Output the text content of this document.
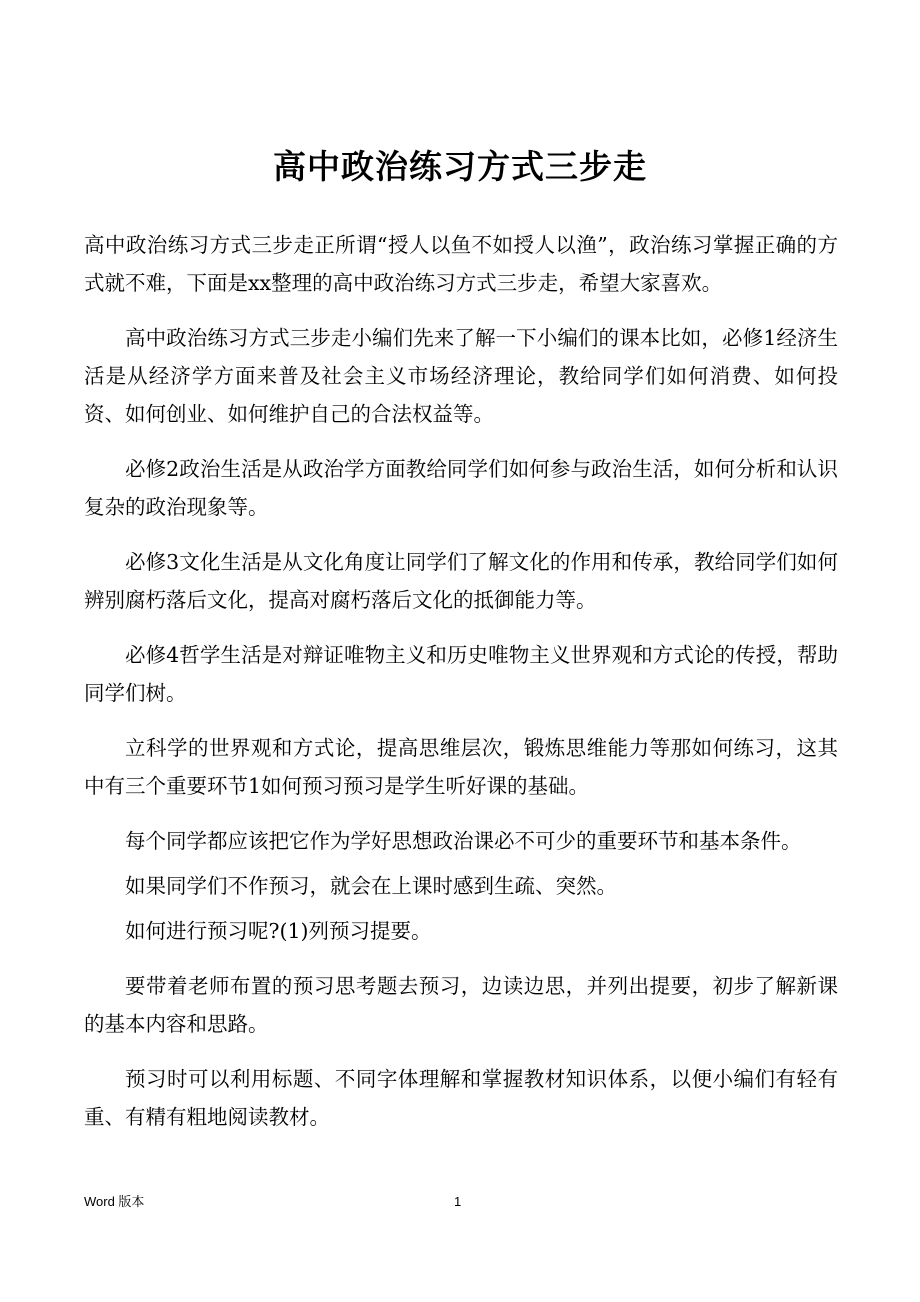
高中政治练习方式三步走

高中政治练习方式三步走正所谓“授人以鱼不如授人以渔”，政治练习掌握正确的方式就不难，下面是xx整理的高中政治练习方式三步走，希望大家喜欢。

高中政治练习方式三步走小编们先来了解一下小编们的课本比如，必修1经济生活是从经济学方面来普及社会主义市场经济理论，教给同学们如何消费、如何投资、如何创业、如何维护自己的合法权益等。

必修2政治生活是从政治学方面教给同学们如何参与政治生活，如何分析和认识复杂的政治现象等。

必修3文化生活是从文化角度让同学们了解文化的作用和传承，教给同学们如何辨别腐朽落后文化，提高对腐朽落后文化的抵御能力等。

必修4哲学生活是对辩证唯物主义和历史唯物主义世界观和方式论的传授，帮助同学们树。

立科学的世界观和方式论，提高思维层次，锻炼思维能力等那如何练习，这其中有三个重要环节1如何预习预习是学生听好课的基础。

每个同学都应该把它作为学好思想政治课必不可少的重要环节和基本条件。

如果同学们不作预习，就会在上课时感到生疏、突然。

如何进行预习呢?(1)列预习提要。

要带着老师布置的预习思考题去预习，边读边思，并列出提要，初步了解新课的基本内容和思路。

预习时可以利用标题、不同字体理解和掌握教材知识体系，以便小编们有轻有重、有精有粗地阅读教材。

Word 版本	1
